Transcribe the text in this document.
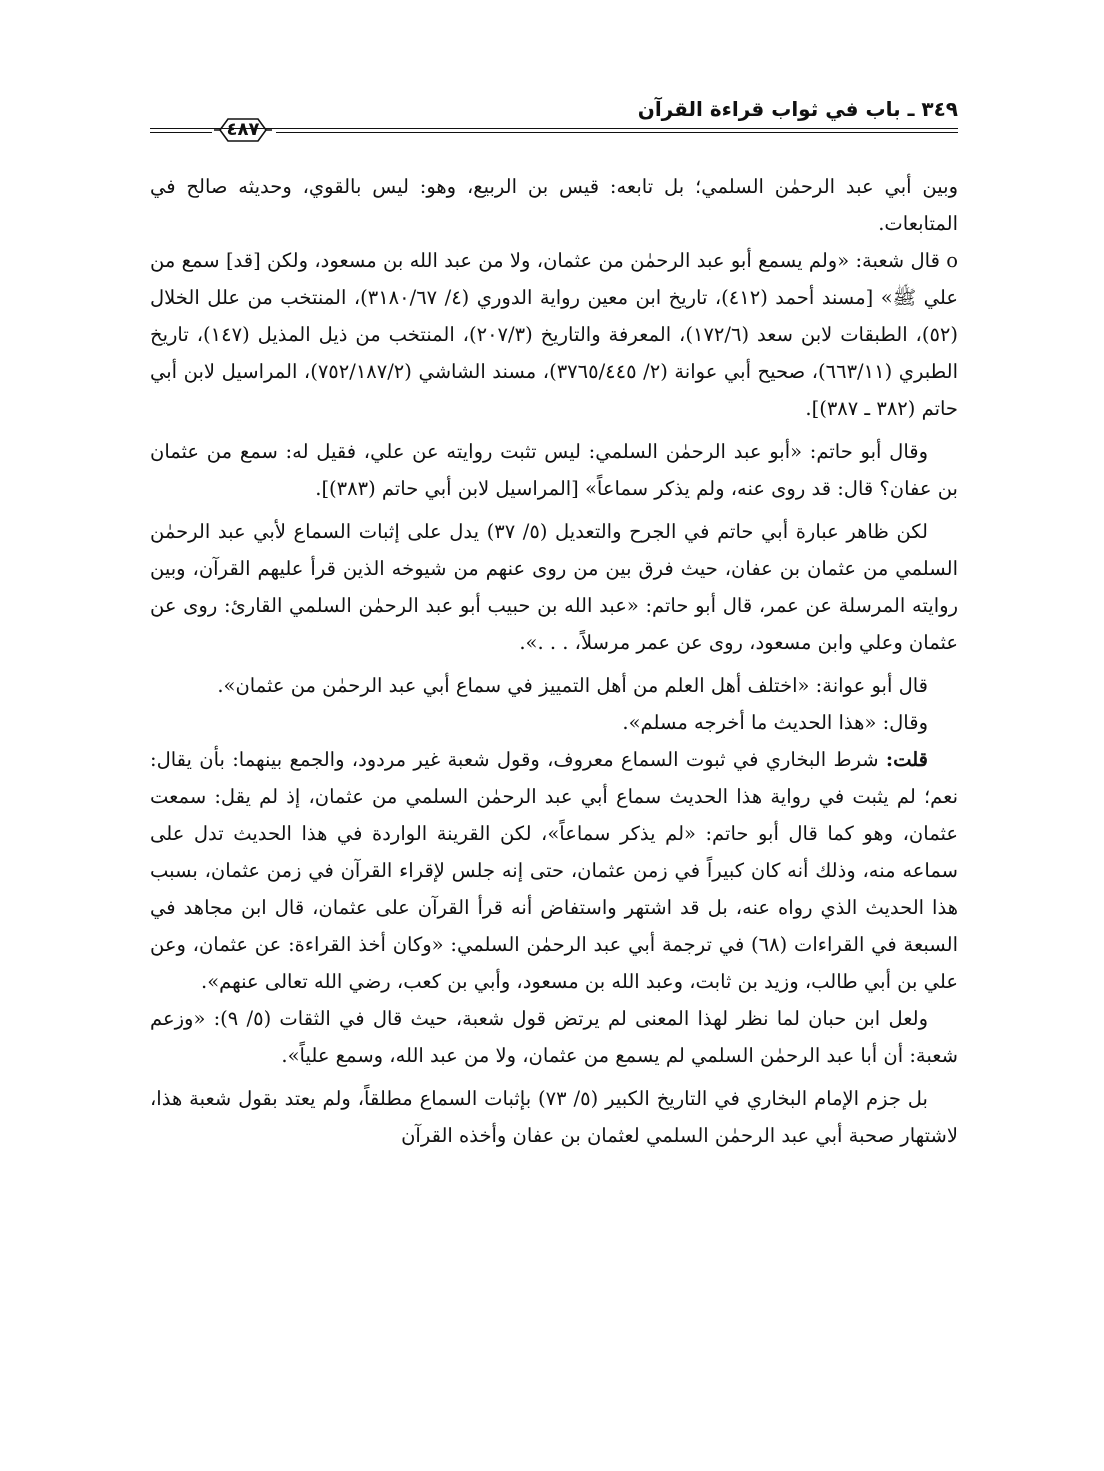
٣٤٩ ـ باب في ثواب قراءة القرآن
٤٨٧

وبين أبي عبد الرحمٰن السلمي؛ بل تابعه: قيس بن الربيع، وهو: ليس بالقوي، وحديثه صالح في المتابعات.

o قال شعبة: «ولم يسمع أبو عبد الرحمٰن من عثمان، ولا من عبد الله بن مسعود، ولكن [قد] سمع من علي ﷺ» [مسند أحمد (٤١٢)، تاريخ ابن معين رواية الدوري (٤/ ٣١٨٠/٦٧)، المنتخب من علل الخلال (٥٢)، الطبقات لابن سعد (١٧٢/٦)، المعرفة والتاريخ (٢٠٧/٣)، المنتخب من ذيل المذيل (١٤٧)، تاريخ الطبري (٦٦٣/١١)، صحيح أبي عوانة (٢/ ٣٧٦٥/٤٤٥)، مسند الشاشي (٧٥٢/١٨٧/٢)، المراسيل لابن أبي حاتم (٣٨٢ ـ ٣٨٧)].

وقال أبو حاتم: «أبو عبد الرحمٰن السلمي: ليس تثبت روايته عن علي، فقيل له: سمع من عثمان بن عفان؟ قال: قد روى عنه، ولم يذكر سماعاً» [المراسيل لابن أبي حاتم (٣٨٣)].

لكن ظاهر عبارة أبي حاتم في الجرح والتعديل (٥/ ٣٧) يدل على إثبات السماع لأبي عبد الرحمٰن السلمي من عثمان بن عفان، حيث فرق بين من روى عنهم من شيوخه الذين قرأ عليهم القرآن، وبين روايته المرسلة عن عمر، قال أبو حاتم: «عبد الله بن حبيب أبو عبد الرحمٰن السلمي القارئ: روى عن عثمان وعلي وابن مسعود، روى عن عمر مرسلاً، . . .».

قال أبو عوانة: «اختلف أهل العلم من أهل التمييز في سماع أبي عبد الرحمٰن من عثمان».

وقال: «هذا الحديث ما أخرجه مسلم».

قلت: شرط البخاري في ثبوت السماع معروف، وقول شعبة غير مردود، والجمع بينهما: بأن يقال: نعم؛ لم يثبت في رواية هذا الحديث سماع أبي عبد الرحمٰن السلمي من عثمان، إذ لم يقل: سمعت عثمان، وهو كما قال أبو حاتم: «لم يذكر سماعاً»، لكن القرينة الواردة في هذا الحديث تدل على سماعه منه، وذلك أنه كان كبيراً في زمن عثمان، حتى إنه جلس لإقراء القرآن في زمن عثمان، بسبب هذا الحديث الذي رواه عنه، بل قد اشتهر واستفاض أنه قرأ القرآن على عثمان، قال ابن مجاهد في السبعة في القراءات (٦٨) في ترجمة أبي عبد الرحمٰن السلمي: «وكان أخذ القراءة: عن عثمان، وعن علي بن أبي طالب، وزيد بن ثابت، وعبد الله بن مسعود، وأبي بن كعب، رضي الله تعالى عنهم».

ولعل ابن حبان لما نظر لهذا المعنى لم يرتض قول شعبة، حيث قال في الثقات (٥/ ٩): «وزعم شعبة: أن أبا عبد الرحمٰن السلمي لم يسمع من عثمان، ولا من عبد الله، وسمع علياً».

بل جزم الإمام البخاري في التاريخ الكبير (٥/ ٧٣) بإثبات السماع مطلقاً، ولم يعتد بقول شعبة هذا، لاشتهار صحبة أبي عبد الرحمٰن السلمي لعثمان بن عفان وأخذه القرآن
